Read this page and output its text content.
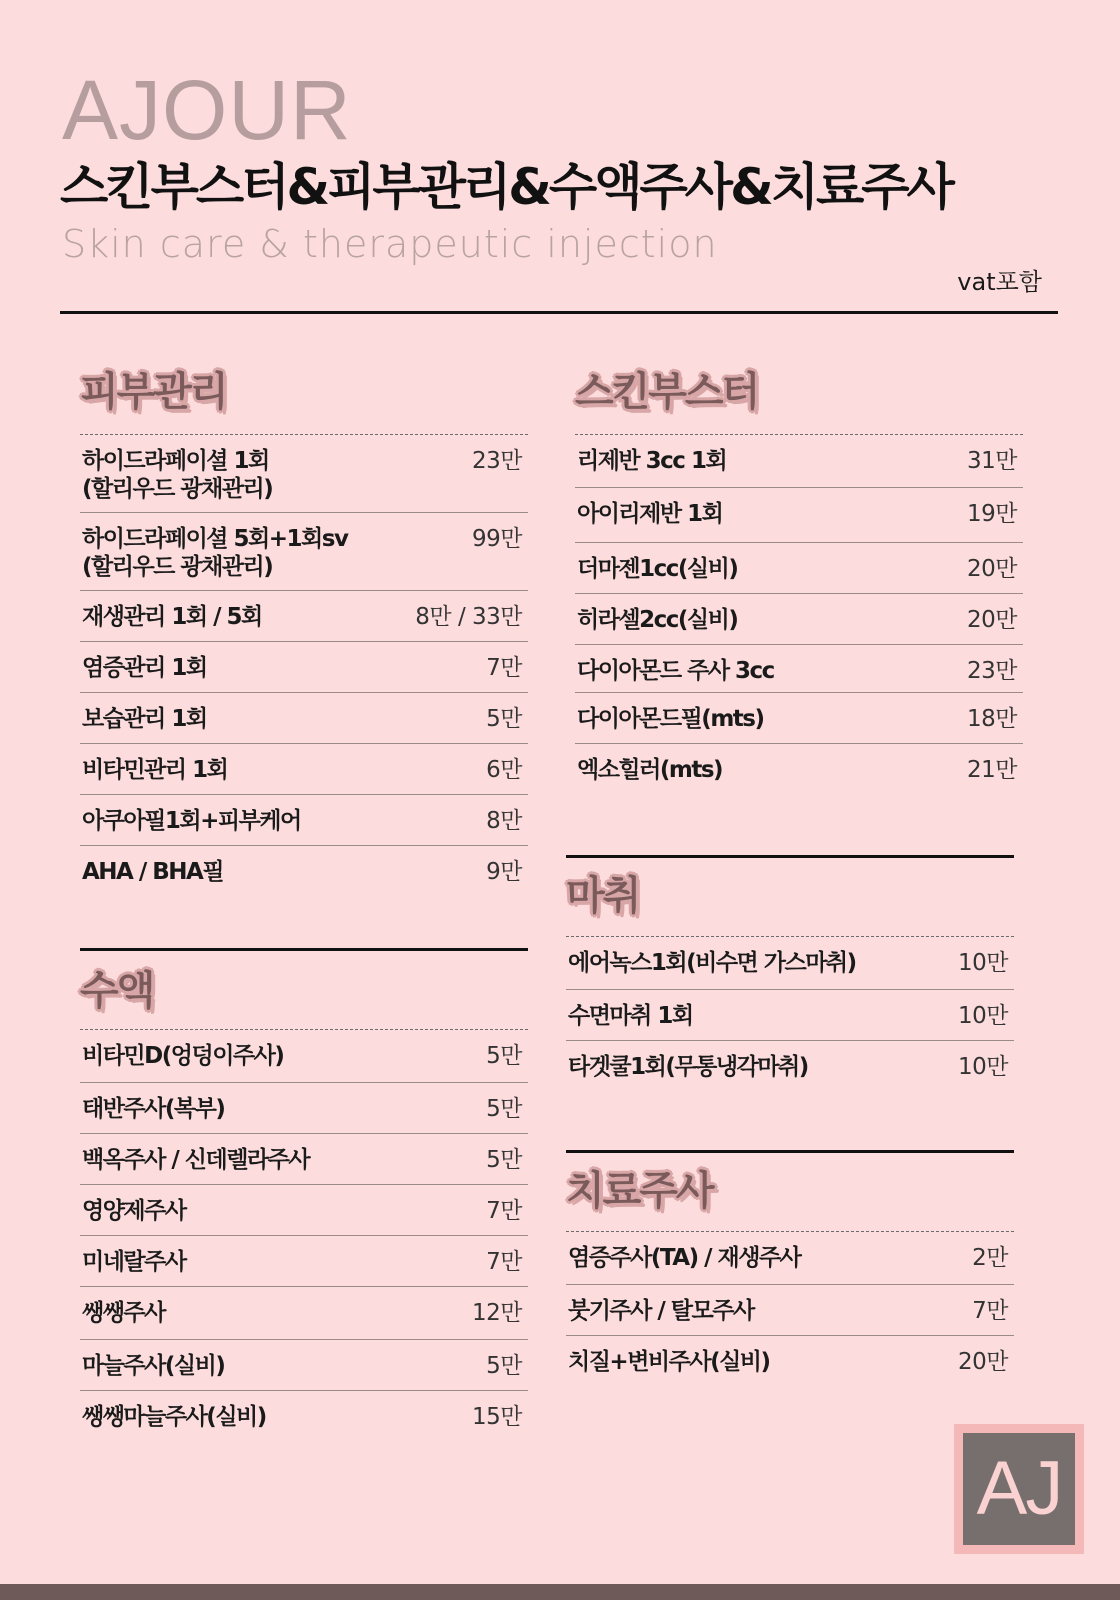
AJOUR
스킨부스터&피부관리&수액주사&치료주사
Skin care & therapeutic injection
vat포함
피부관리
하이드라페이셜 1회
(할리우드 광채관리)
23만
하이드라페이셜 5회+1회sv
(할리우드 광채관리)
99만
재생관리 1회 / 5회	8만 / 33만
염증관리 1회	7만
보습관리 1회	5만
비타민관리 1회	6만
아쿠아필1회+피부케어	8만
AHA / BHA필	9만
수액
비타민D(엉덩이주사)	5만
태반주사(복부)	5만
백옥주사 / 신데렐라주사	5만
영양제주사	7만
미네랄주사	7만
쌩쌩주사	12만
마늘주사(실비)	5만
쌩쌩마늘주사(실비)	15만
스킨부스터
리제반 3cc 1회	31만
아이리제반 1회	19만
더마젠1cc(실비)	20만
히라셀2cc(실비)	20만
다이아몬드 주사 3cc	23만
다이아몬드필(mts)	18만
엑소힐러(mts)	21만
마취
에어녹스1회(비수면 가스마취)	10만
수면마취 1회	10만
타겟쿨1회(무통냉각마취)	10만
치료주사
염증주사(TA) / 재생주사	2만
붓기주사 / 탈모주사	7만
치질+변비주사(실비)	20만
AJ
